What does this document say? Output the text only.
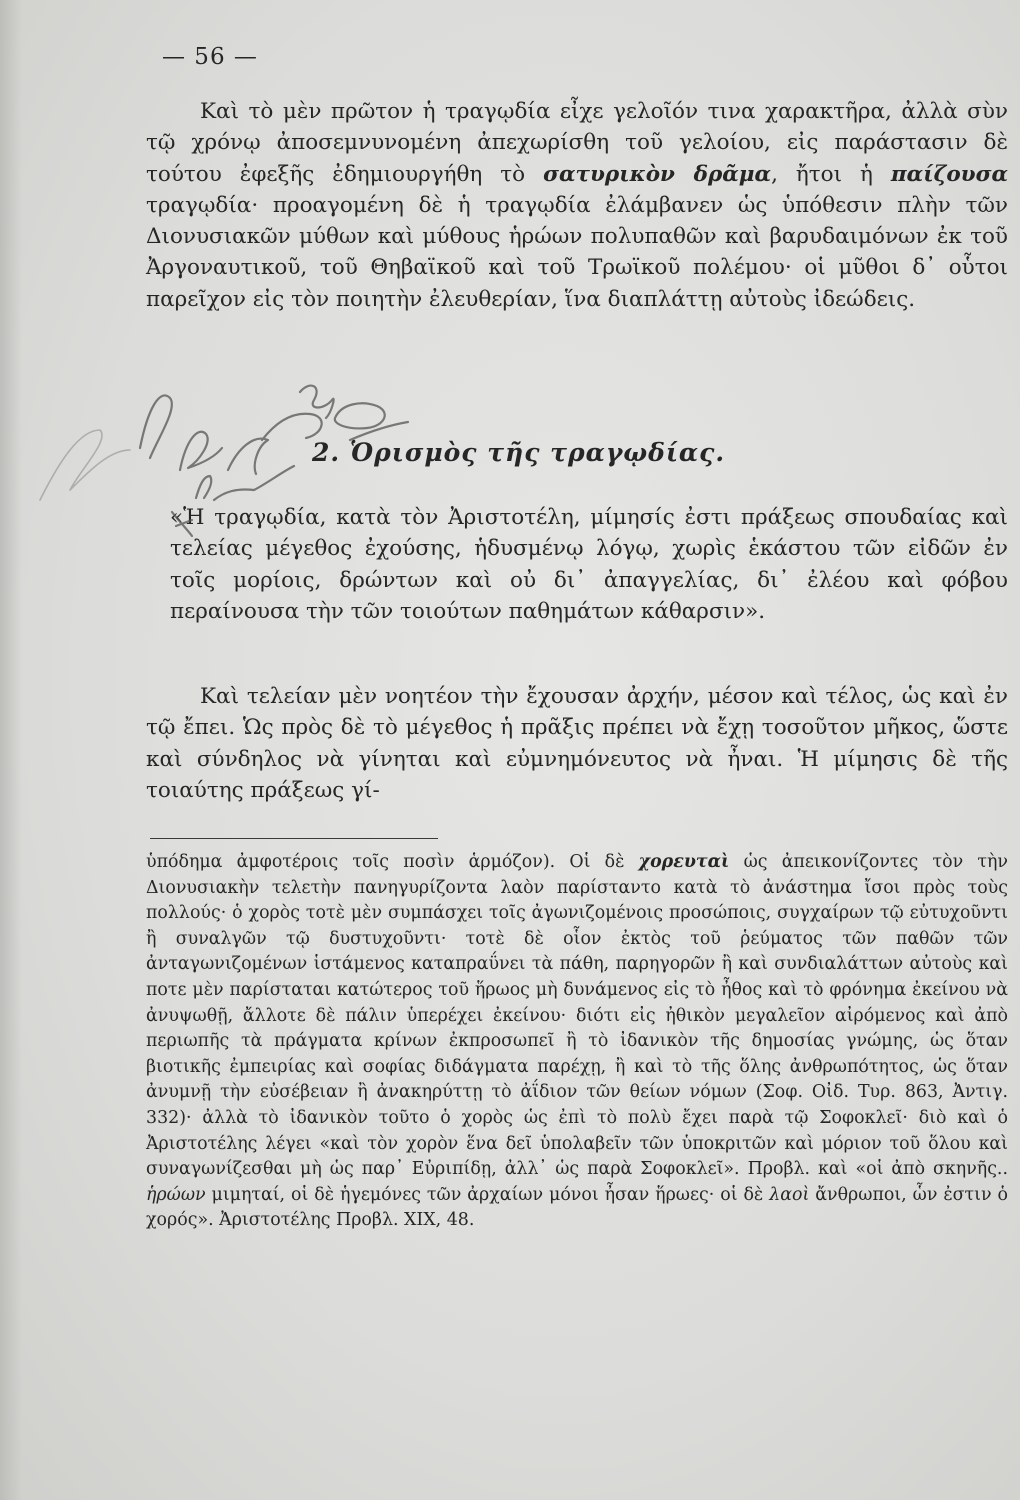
— 56 —

Καὶ τὸ μὲν πρῶτον ἡ τραγῳδία εἶχε γελοῖόν τινα χαρακτῆρα, ἀλλὰ σὺν τῷ χρόνῳ ἀποσεμνυνομένη ἀπεχωρίσθη τοῦ γελοίου, εἰς παράστασιν δὲ τούτου ἐφεξῆς ἐδημιουργήθη τὸ σατυρικὸν δρᾶμα, ἤτοι ἡ παίζουσα τραγῳδία· προαγομένη δὲ ἡ τραγῳδία ἐλάμβανεν ὡς ὑπόθεσιν πλὴν τῶν Διονυσιακῶν μύθων καὶ μύθους ἡρώων πολυπαθῶν καὶ βαρυδαιμόνων ἐκ τοῦ Ἀργοναυτικοῦ, τοῦ Θηβαϊκοῦ καὶ τοῦ Τρωϊκοῦ πολέμου· οἱ μῦθοι δ᾽ οὗτοι παρεῖχον εἰς τὸν ποιητὴν ἐλευθερίαν, ἵνα διαπλάττῃ αὐτοὺς ἰδεώδεις.

2. Ὁρισμὸς τῆς τραγῳδίας.

«Ἡ τραγῳδία, κατὰ τὸν Ἀριστοτέλη, μίμησίς ἐστι πράξεως σπουδαίας καὶ τελείας μέγεθος ἐχούσης, ἡδυσμένῳ λόγῳ, χωρὶς ἑκάστου τῶν εἰδῶν ἐν τοῖς μορίοις, δρώντων καὶ οὐ δι᾽ ἀπαγγελίας, δι᾽ ἐλέου καὶ φόβου περαίνουσα τὴν τῶν τοιούτων παθημάτων κάθαρσιν».

Καὶ τελείαν μὲν νοητέον τὴν ἔχουσαν ἀρχήν, μέσον καὶ τέλος, ὡς καὶ ἐν τῷ ἔπει. Ὡς πρὸς δὲ τὸ μέγεθος ἡ πρᾶξις πρέπει νὰ ἔχῃ τοσοῦτον μῆκος, ὥστε καὶ σύνδηλος νὰ γίνηται καὶ εὐμνημόνευτος νὰ ἦναι. Ἡ μίμησις δὲ τῆς τοιαύτης πράξεως γί-

ὑπόδημα ἀμφοτέροις τοῖς ποσὶν ἁρμόζον). Οἱ δὲ χορευταὶ ὡς ἀπεικονίζοντες τὸν τὴν Διονυσιακὴν τελετὴν πανηγυρίζοντα λαὸν παρίσταντο κατὰ τὸ ἀνάστημα ἴσοι πρὸς τοὺς πολλούς· ὁ χορὸς τοτὲ μὲν συμπάσχει τοῖς ἀγωνιζομένοις προσώποις, συγχαίρων τῷ εὐτυχοῦντι ἢ συναλγῶν τῷ δυστυχοῦντι· τοτὲ δὲ οἷον ἐκτὸς τοῦ ῥεύματος τῶν παθῶν τῶν ἀνταγωνιζομένων ἱστάμενος καταπραΰνει τὰ πάθη, παρηγορῶν ἢ καὶ συνδιαλάττων αὐτοὺς καὶ ποτε μὲν παρίσταται κατώτερος τοῦ ἥρωος μὴ δυνάμενος εἰς τὸ ἦθος καὶ τὸ φρόνημα ἐκείνου νὰ ἀνυψωθῇ, ἄλλοτε δὲ πάλιν ὑπερέχει ἐκείνου· διότι εἰς ἠθικὸν μεγαλεῖον αἰρόμενος καὶ ἀπὸ περιωπῆς τὰ πράγματα κρίνων ἐκπροσωπεῖ ἢ τὸ ἰδανικὸν τῆς δημοσίας γνώμης, ὡς ὅταν βιοτικῆς ἐμπειρίας καὶ σοφίας διδάγματα παρέχῃ, ἢ καὶ τὸ τῆς ὅλης ἀνθρωπότητος, ὡς ὅταν ἀνυμνῇ τὴν εὐσέβειαν ἢ ἀνακηρύττῃ τὸ ἀΐδιον τῶν θείων νόμων (Σοφ. Οἰδ. Τυρ. 863, Ἀντιγ. 332)· ἀλλὰ τὸ ἰδανικὸν τοῦτο ὁ χορὸς ὡς ἐπὶ τὸ πολὺ ἔχει παρὰ τῷ Σοφοκλεῖ· διὸ καὶ ὁ Ἀριστοτέλης λέγει «καὶ τὸν χορὸν ἕνα δεῖ ὑπολαβεῖν τῶν ὑποκριτῶν καὶ μόριον τοῦ ὅλου καὶ συναγωνίζεσθαι μὴ ὡς παρ᾽ Εὐριπίδῃ, ἀλλ᾽ ὡς παρὰ Σοφοκλεῖ». Προβλ. καὶ «οἱ ἀπὸ σκηνῆς.. ἡρώων μιμηταί, οἱ δὲ ἡγεμόνες τῶν ἀρχαίων μόνοι ἦσαν ἥρωες· οἱ δὲ λαοὶ ἄνθρωποι, ὧν ἐστιν ὁ χορός». Ἀριστοτέλης Προβλ. XIX, 48.
